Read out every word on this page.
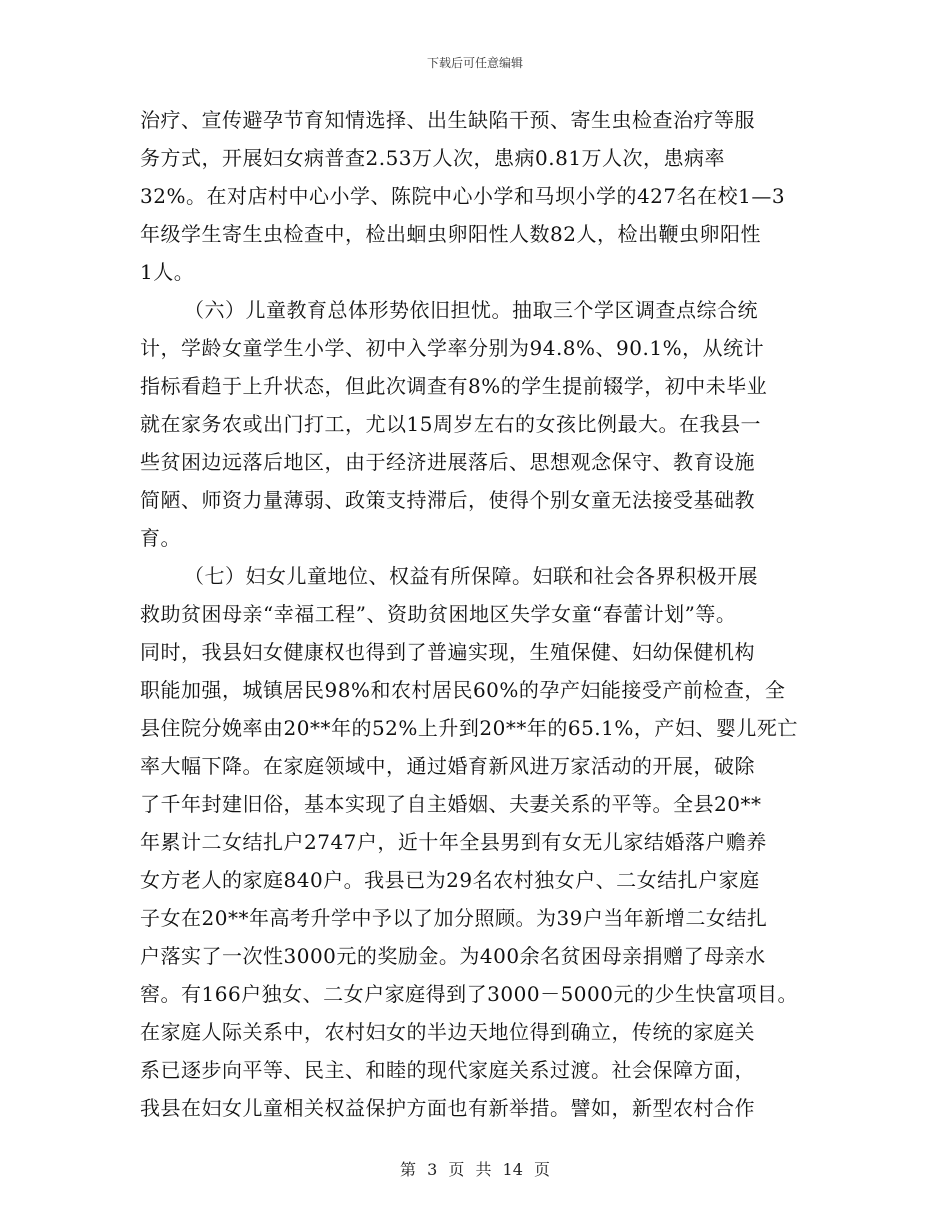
下载后可任意编辑
治疗、宣传避孕节育知情选择、出生缺陷干预、寄生虫检查治疗等服
务方式，开展妇女病普查2.53万人次，患病0.81万人次，患病率
32%。在对店村中心小学、陈院中心小学和马坝小学的427名在校1—3
年级学生寄生虫检查中，检出蛔虫卵阳性人数82人，检出鞭虫卵阳性
1人。
（六）儿童教育总体形势依旧担忧。抽取三个学区调查点综合统
计，学龄女童学生小学、初中入学率分别为94.8%、90.1%，从统计
指标看趋于上升状态，但此次调查有8%的学生提前辍学，初中未毕业
就在家务农或出门打工，尤以15周岁左右的女孩比例最大。在我县一
些贫困边远落后地区，由于经济进展落后、思想观念保守、教育设施
简陋、师资力量薄弱、政策支持滞后，使得个别女童无法接受基础教
育。
（七）妇女儿童地位、权益有所保障。妇联和社会各界积极开展
救助贫困母亲“幸福工程”、资助贫困地区失学女童“春蕾计划”等。
同时，我县妇女健康权也得到了普遍实现，生殖保健、妇幼保健机构
职能加强，城镇居民98%和农村居民60%的孕产妇能接受产前检查，全
县住院分娩率由20**年的52%上升到20**年的65.1%，产妇、婴儿死亡
率大幅下降。在家庭领域中，通过婚育新风进万家活动的开展，破除
了千年封建旧俗，基本实现了自主婚姻、夫妻关系的平等。全县20**
年累计二女结扎户2747户，近十年全县男到有女无儿家结婚落户赡养
女方老人的家庭840户。我县已为29名农村独女户、二女结扎户家庭
子女在20**年高考升学中予以了加分照顾。为39户当年新增二女结扎
户落实了一次性3000元的奖励金。为400余名贫困母亲捐赠了母亲水
窖。有166户独女、二女户家庭得到了3000－5000元的少生快富项目。
在家庭人际关系中，农村妇女的半边天地位得到确立，传统的家庭关
系已逐步向平等、民主、和睦的现代家庭关系过渡。社会保障方面，
我县在妇女儿童相关权益保护方面也有新举措。譬如，新型农村合作
第 3 页 共 14 页
